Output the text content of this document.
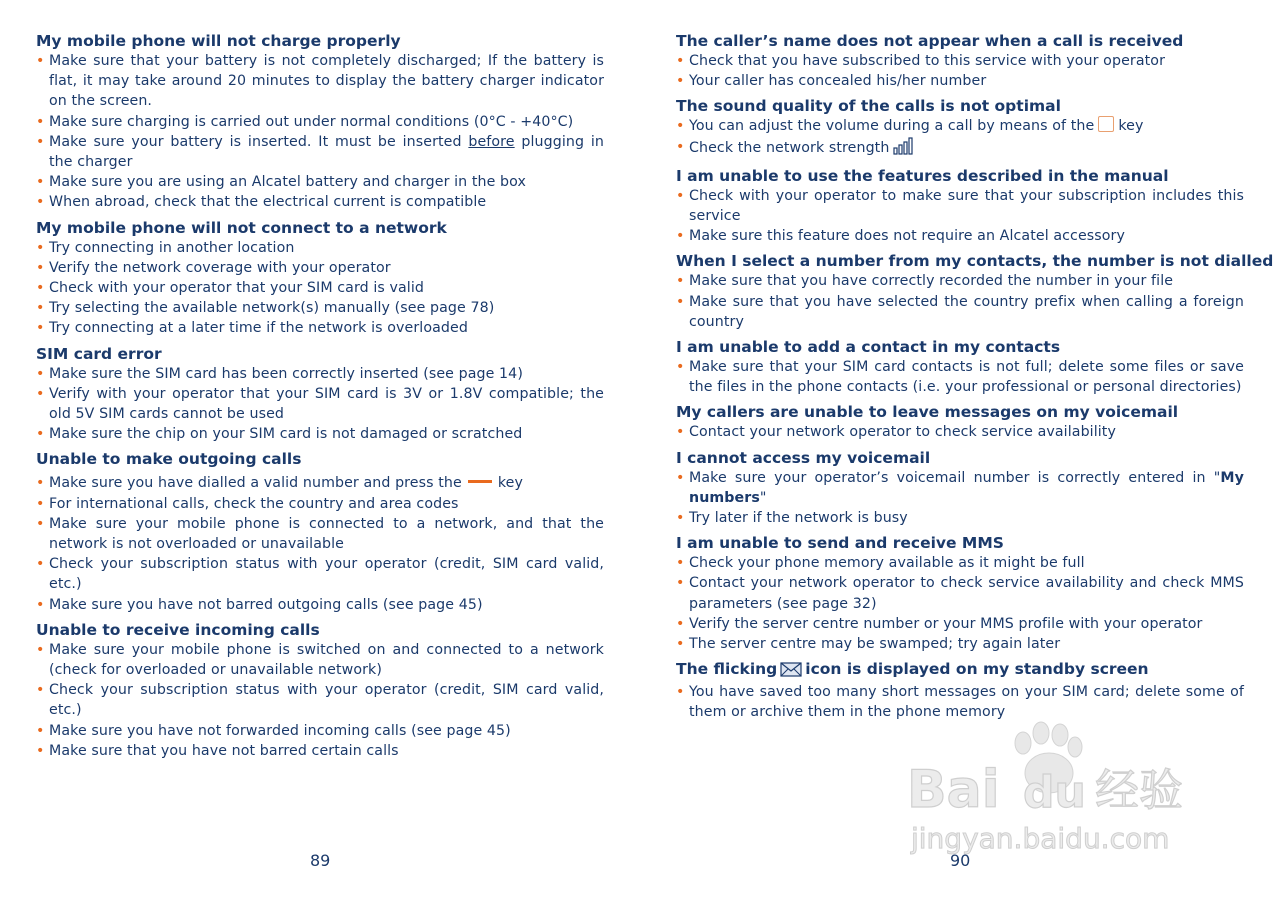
My mobile phone will not charge properly
• Make sure that your battery is not completely discharged; If the battery is flat, it may take around 20 minutes to display the battery charger indicator on the screen.
• Make sure charging is carried out under normal conditions (0°C - +40°C)
• Make sure your battery is inserted. It must be inserted before plugging in the charger
• Make sure you are using an Alcatel battery and charger in the box
• When abroad, check that the electrical current is compatible
My mobile phone will not connect to a network
• Try connecting in another location
• Verify the network coverage with your operator
• Check with your operator that your SIM card is valid
• Try selecting the available network(s) manually (see page 78)
• Try connecting at a later time if the network is overloaded
SIM card error
• Make sure the SIM card has been correctly inserted (see page 14)
• Verify with your operator that your SIM card is 3V or 1.8V compatible; the old 5V SIM cards cannot be used
• Make sure the chip on your SIM card is not damaged or scratched
Unable to make outgoing calls
• Make sure you have dialled a valid number and press the	key
• For international calls, check the country and area codes
• Make sure your mobile phone is connected to a network, and that the network is not overloaded or unavailable
• Check your subscription status with your operator (credit, SIM card valid, etc.)
• Make sure you have not barred outgoing calls (see page 45)
Unable to receive incoming calls
• Make sure your mobile phone is switched on and connected to a network (check for overloaded or unavailable network)
• Check your subscription status with your operator (credit, SIM card valid, etc.)
• Make sure you have not forwarded incoming calls (see page 45)
• Make sure that you have not barred certain calls
The caller’s name does not appear when a call is received
• Check that you have subscribed to this service with your operator
• Your caller has concealed his/her number
The sound quality of the calls is not optimal
• You can adjust the volume during a call by means of the key
• Check the network strength
I am unable to use the features described in the manual
• Check with your operator to make sure that your subscription includes this service
• Make sure this feature does not require an Alcatel accessory
When I select a number from my contacts, the number is not dialled
• Make sure that you have correctly recorded the number in your file
• Make sure that you have selected the country prefix when calling a foreign country
I am unable to add a contact in my contacts
• Make sure that your SIM card contacts is not full; delete some files or save the files in the phone contacts (i.e. your professional or personal directories)
My callers are unable to leave messages on my voicemail
• Contact your network operator to check service availability
I cannot access my voicemail
• Make sure your operator’s voicemail number is correctly entered in "My numbers"
• Try later if the network is busy
I am unable to send and receive MMS
• Check your phone memory available as it might be full
• Contact your network operator to check service availability and check MMS parameters (see page 32)
• Verify the server centre number or your MMS profile with your operator
• The server centre may be swamped; try again later
The flicking icon is displayed on my standby screen
• You have saved too many short messages on your SIM card; delete some of them or archive them in the phone memory
89	90
Bai du 经验
jingyan.baidu.com
